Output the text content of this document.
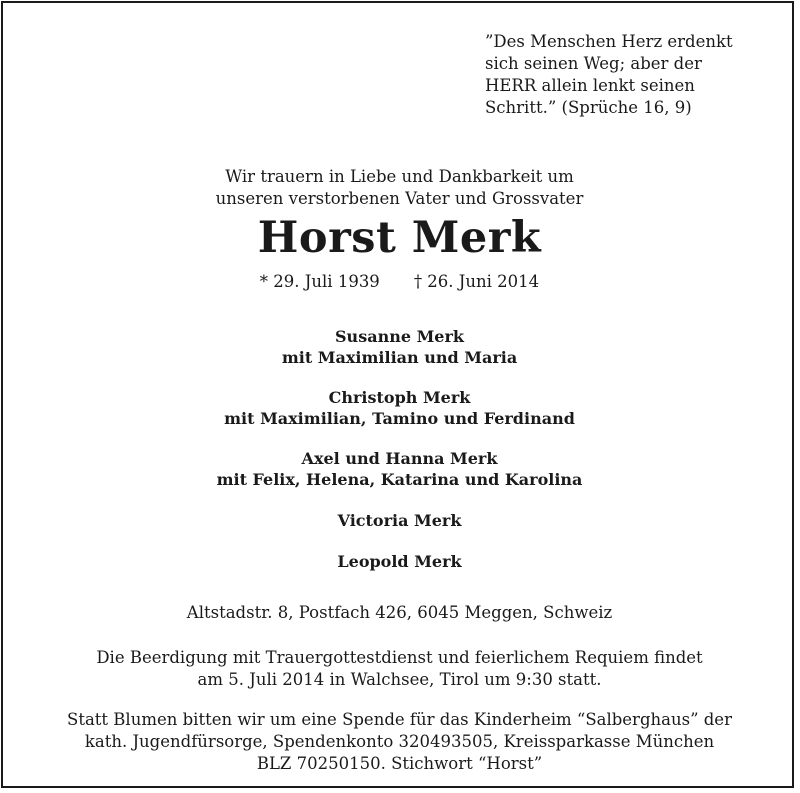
”Des Menschen Herz erdenkt
sich seinen Weg; aber der
HERR allein lenkt seinen
Schritt.” (Sprüche 16, 9)
Wir trauern in Liebe und Dankbarkeit um
unseren verstorbenen Vater und Grossvater
Horst Merk
* 29. Juli 1939 † 26. Juni 2014
Susanne Merk
mit Maximilian und Maria
Christoph Merk
mit Maximilian, Tamino und Ferdinand
Axel und Hanna Merk
mit Felix, Helena, Katarina und Karolina
Victoria Merk
Leopold Merk
Altstadstr. 8, Postfach 426, 6045 Meggen, Schweiz
Die Beerdigung mit Trauergottestdienst und feierlichem Requiem findet
am 5. Juli 2014 in Walchsee, Tirol um 9:30 statt.
Statt Blumen bitten wir um eine Spende für das Kinderheim “Salberghaus” der
kath. Jugendfürsorge, Spendenkonto 320493505, Kreissparkasse München
BLZ 70250150. Stichwort “Horst”
